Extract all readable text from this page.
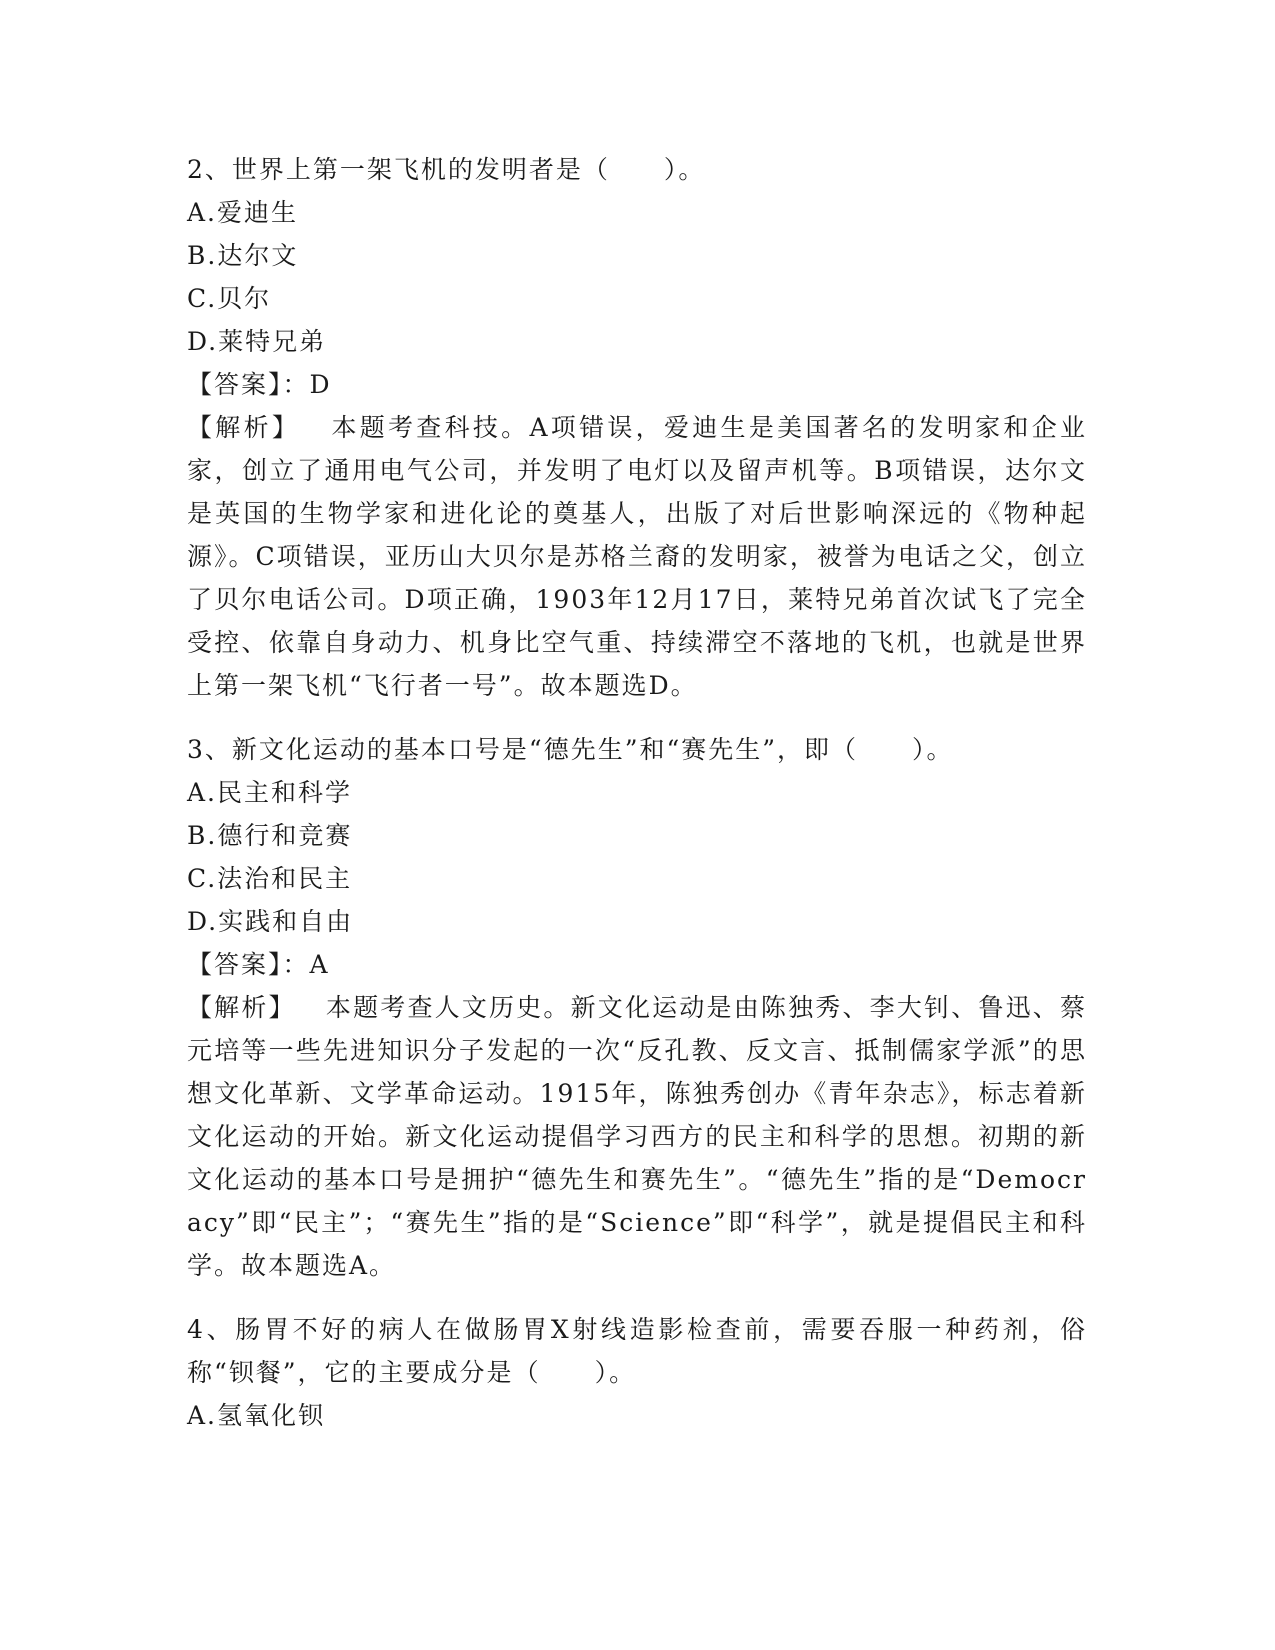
2、世界上第一架飞机的发明者是（　　）。
A.爱迪生
B.达尔文
C.贝尔
D.莱特兄弟
【答案】：D
【解析】 本题考查科技。A项错误，爱迪生是美国著名的发明家和企业家，创立了通用电气公司，并发明了电灯以及留声机等。B项错误，达尔文是英国的生物学家和进化论的奠基人，出版了对后世影响深远的《物种起源》。C项错误，亚历山大贝尔是苏格兰裔的发明家，被誉为电话之父，创立了贝尔电话公司。D项正确，1903年12月17日，莱特兄弟首次试飞了完全受控、依靠自身动力、机身比空气重、持续滞空不落地的飞机，也就是世界上第一架飞机“飞行者一号”。故本题选D。
3、新文化运动的基本口号是“德先生”和“赛先生”，即（　　）。
A.民主和科学
B.德行和竞赛
C.法治和民主
D.实践和自由
【答案】：A
【解析】 本题考查人文历史。新文化运动是由陈独秀、李大钊、鲁迅、蔡元培等一些先进知识分子发起的一次“反孔教、反文言、抵制儒家学派”的思想文化革新、文学革命运动。1915年，陈独秀创办《青年杂志》，标志着新文化运动的开始。新文化运动提倡学习西方的民主和科学的思想。初期的新文化运动的基本口号是拥护“德先生和赛先生”。“德先生”指的是“Democracy”即“民主”；“赛先生”指的是“Science”即“科学”，就是提倡民主和科学。故本题选A。
4、肠胃不好的病人在做肠胃X射线造影检查前，需要吞服一种药剂，俗称“钡餐”，它的主要成分是（　　）。
A.氢氧化钡
